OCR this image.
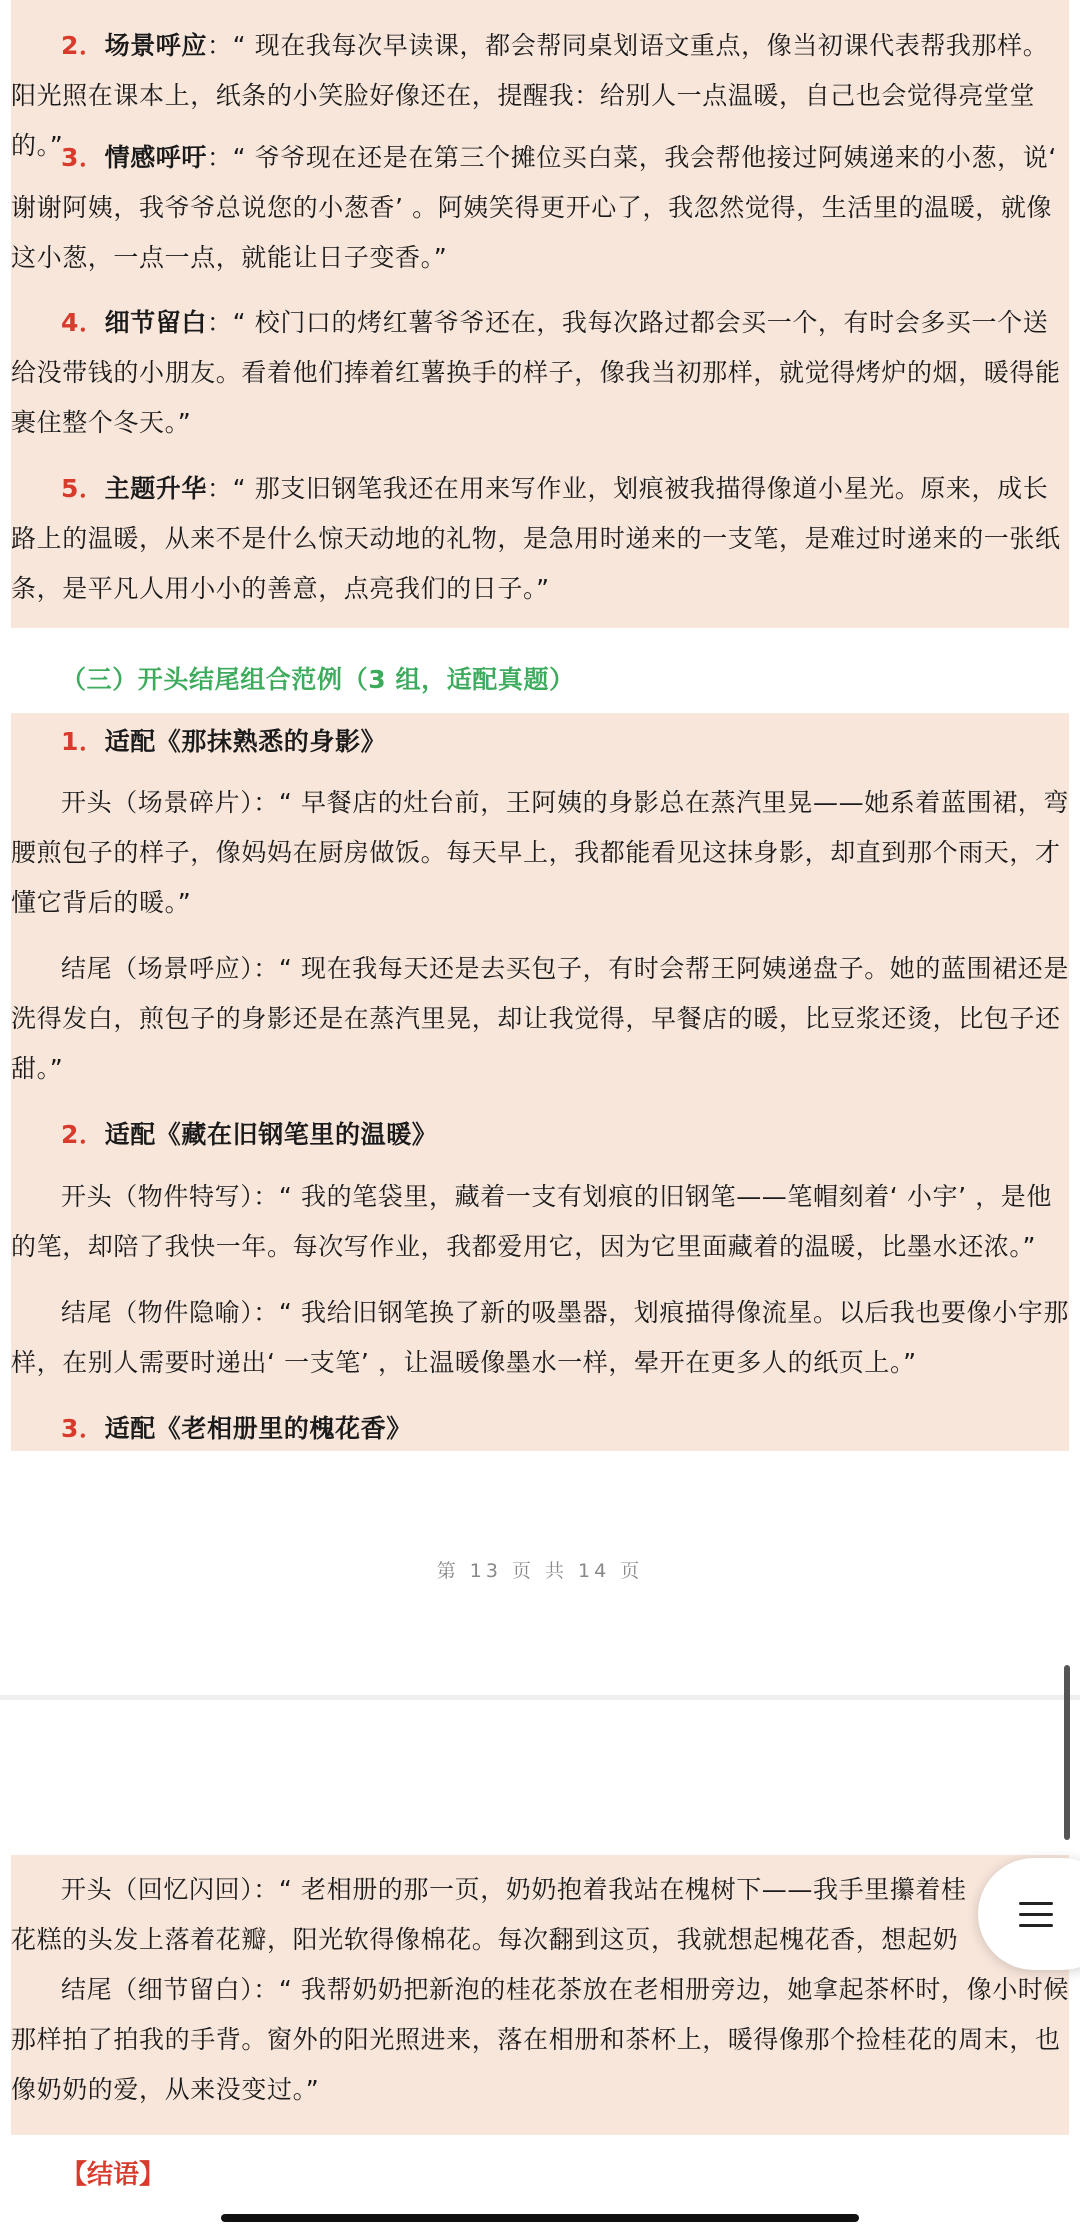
2．场景呼应：“ 现在我每次早读课，都会帮同桌划语文重点，像当初课代表帮我那样。阳光照在课本上，纸条的小笑脸好像还在，提醒我：给别人一点温暖，自己也会觉得亮堂堂的。”

3．情感呼吁：“ 爷爷现在还是在第三个摊位买白菜，我会帮他接过阿姨递来的小葱，说‘ 谢谢阿姨，我爷爷总说您的小葱香’ 。阿姨笑得更开心了，我忽然觉得，生活里的温暖，就像这小葱，一点一点，就能让日子变香。”

4．细节留白：“ 校门口的烤红薯爷爷还在，我每次路过都会买一个，有时会多买一个送给没带钱的小朋友。看着他们捧着红薯换手的样子，像我当初那样，就觉得烤炉的烟，暖得能裹住整个冬天。”

5．主题升华：“ 那支旧钢笔我还在用来写作业，划痕被我描得像道小星光。原来，成长路上的温暖，从来不是什么惊天动地的礼物，是急用时递来的一支笔，是难过时递来的一张纸条，是平凡人用小小的善意，点亮我们的日子。”

（三）开头结尾组合范例（3 组，适配真题）
1．适配《那抹熟悉的身影》

开头（场景碎片）：“ 早餐店的灶台前，王阿姨的身影总在蒸汽里晃——她系着蓝围裙，弯腰煎包子的样子，像妈妈在厨房做饭。每天早上，我都能看见这抹身影，却直到那个雨天，才懂它背后的暖。”

结尾（场景呼应）：“ 现在我每天还是去买包子，有时会帮王阿姨递盘子。她的蓝围裙还是洗得发白，煎包子的身影还是在蒸汽里晃，却让我觉得，早餐店的暖，比豆浆还烫，比包子还甜。”

2．适配《藏在旧钢笔里的温暖》

开头（物件特写）：“ 我的笔袋里，藏着一支有划痕的旧钢笔——笔帽刻着‘ 小宇’ ，是他的笔，却陪了我快一年。每次写作业，我都爱用它，因为它里面藏着的温暖，比墨水还浓。”

结尾（物件隐喻）：“ 我给旧钢笔换了新的吸墨器，划痕描得像流星。以后我也要像小宇那样，在别人需要时递出‘ 一支笔’ ，让温暖像墨水一样，晕开在更多人的纸页上。”

3．适配《老相册里的槐花香》
第 13 页 共 14 页

开头（回忆闪回）：“ 老相册的那一页，奶奶抱着我站在槐树下——我手里攥着桂花糕的头发上落着花瓣，阳光软得像棉花。每次翻到这页，我就想起槐花香，想起奶

结尾（细节留白）：“ 我帮奶奶把新泡的桂花茶放在老相册旁边，她拿起茶杯时，像小时候那样拍了拍我的手背。窗外的阳光照进来，落在相册和茶杯上，暖得像那个捡桂花的周末，也像奶奶的爱，从来没变过。”

【结语】
